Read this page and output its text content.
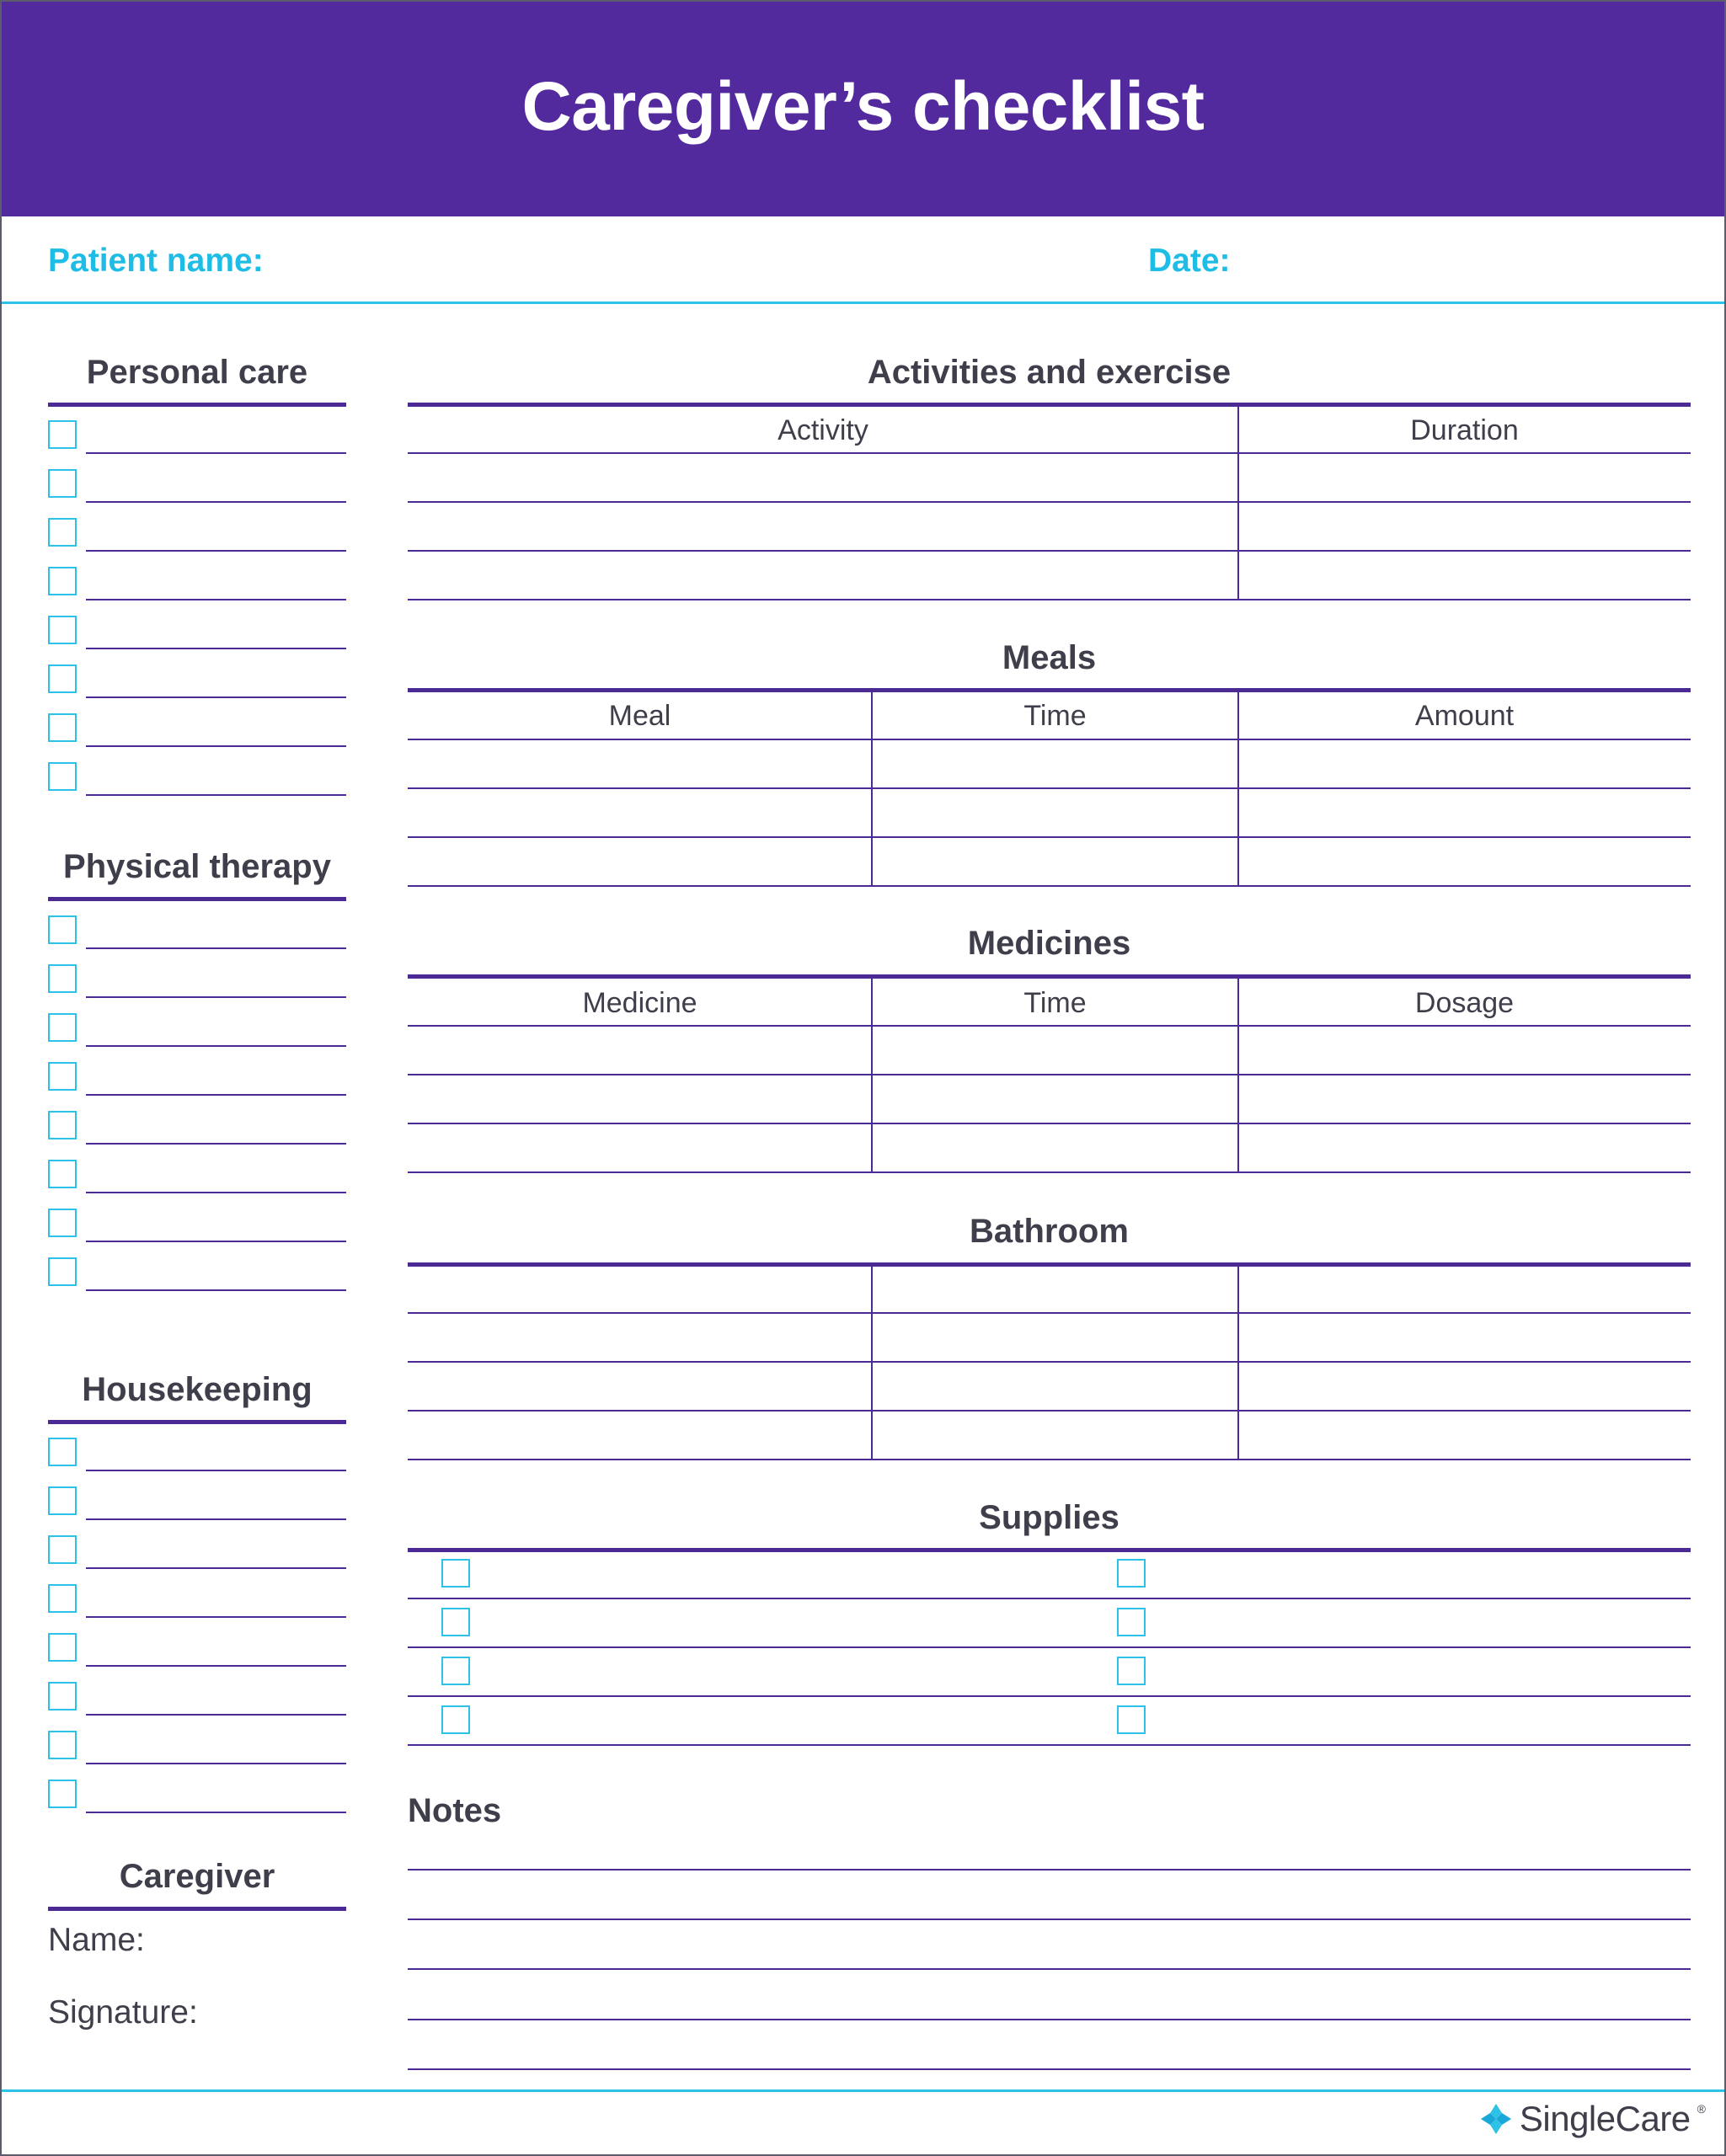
Caregiver’s checklist
Patient name:	Date:
Personal care
Physical therapy
Housekeeping
Caregiver
Name:
Signature:
Activities and exercise
Activity	Duration
Meals
Meal	Time	Amount
Medicines
Medicine	Time	Dosage
Bathroom
Supplies
Notes
SingleCare ®
